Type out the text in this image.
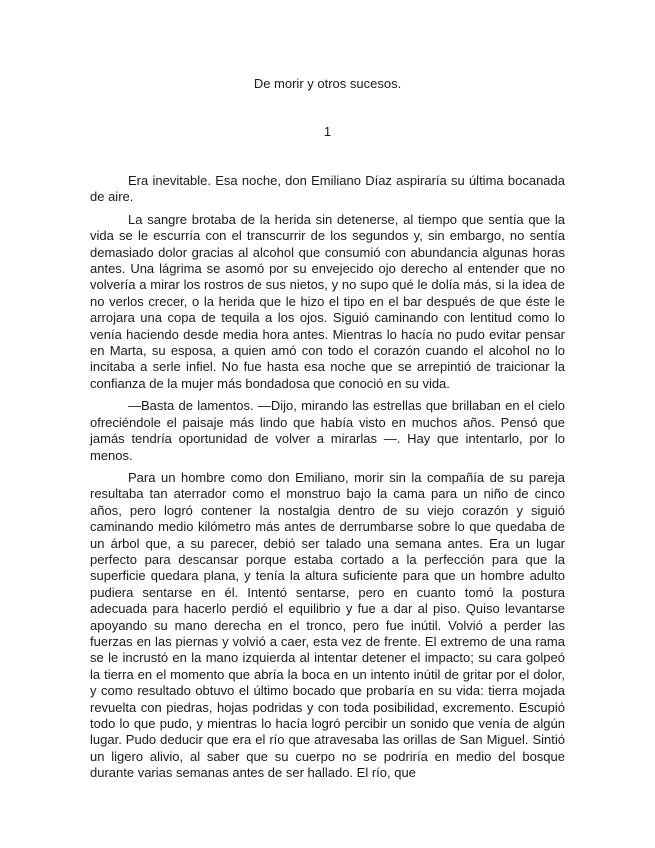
De morir y otros sucesos.
1

Era inevitable. Esa noche, don Emiliano Díaz aspiraría su última bocanada de aire.

La sangre brotaba de la herida sin detenerse, al tiempo que sentía que la vida se le escurría con el transcurrir de los segundos y, sin embargo, no sentía demasiado dolor gracias al alcohol que consumió con abundancia algunas horas antes. Una lágrima se asomó por su envejecido ojo derecho al entender que no volvería a mirar los rostros de sus nietos, y no supo qué le dolía más, si la idea de no verlos crecer, o la herida que le hizo el tipo en el bar después de que éste le arrojara una copa de tequila a los ojos. Siguió caminando con lentitud como lo venía haciendo desde media hora antes. Mientras lo hacía no pudo evitar pensar en Marta, su esposa, a quien amó con todo el corazón cuando el alcohol no lo incitaba a serle infiel. No fue hasta esa noche que se arrepintió de traicionar la confianza de la mujer más bondadosa que conoció en su vida.

—Basta de lamentos. —Dijo, mirando las estrellas que brillaban en el cielo ofreciéndole el paisaje más lindo que había visto en muchos años. Pensó que jamás tendría oportunidad de volver a mirarlas —. Hay que intentarlo, por lo menos.

Para un hombre como don Emiliano, morir sin la compañía de su pareja resultaba tan aterrador como el monstruo bajo la cama para un niño de cinco años, pero logró contener la nostalgia dentro de su viejo corazón y siguió caminando medio kilómetro más antes de derrumbarse sobre lo que quedaba de un árbol que, a su parecer, debió ser talado una semana antes. Era un lugar perfecto para descansar porque estaba cortado a la perfección para que la superficie quedara plana, y tenía la altura suficiente para que un hombre adulto pudiera sentarse en él. Intentó sentarse, pero en cuanto tomó la postura adecuada para hacerlo perdió el equilibrio y fue a dar al piso. Quiso levantarse apoyando su mano derecha en el tronco, pero fue inútil. Volvió a perder las fuerzas en las piernas y volvió a caer, esta vez de frente. El extremo de una rama se le incrustó en la mano izquierda al intentar detener el impacto; su cara golpeó la tierra en el momento que abría la boca en un intento inútil de gritar por el dolor, y como resultado obtuvo el último bocado que probaría en su vida: tierra mojada revuelta con piedras, hojas podridas y con toda posibilidad, excremento. Escupió todo lo que pudo, y mientras lo hacía logró percibir un sonido que venía de algún lugar. Pudo deducir que era el río que atravesaba las orillas de San Miguel. Sintió un ligero alivio, al saber que su cuerpo no se podriría en medio del bosque durante varias semanas antes de ser hallado. El río, que
